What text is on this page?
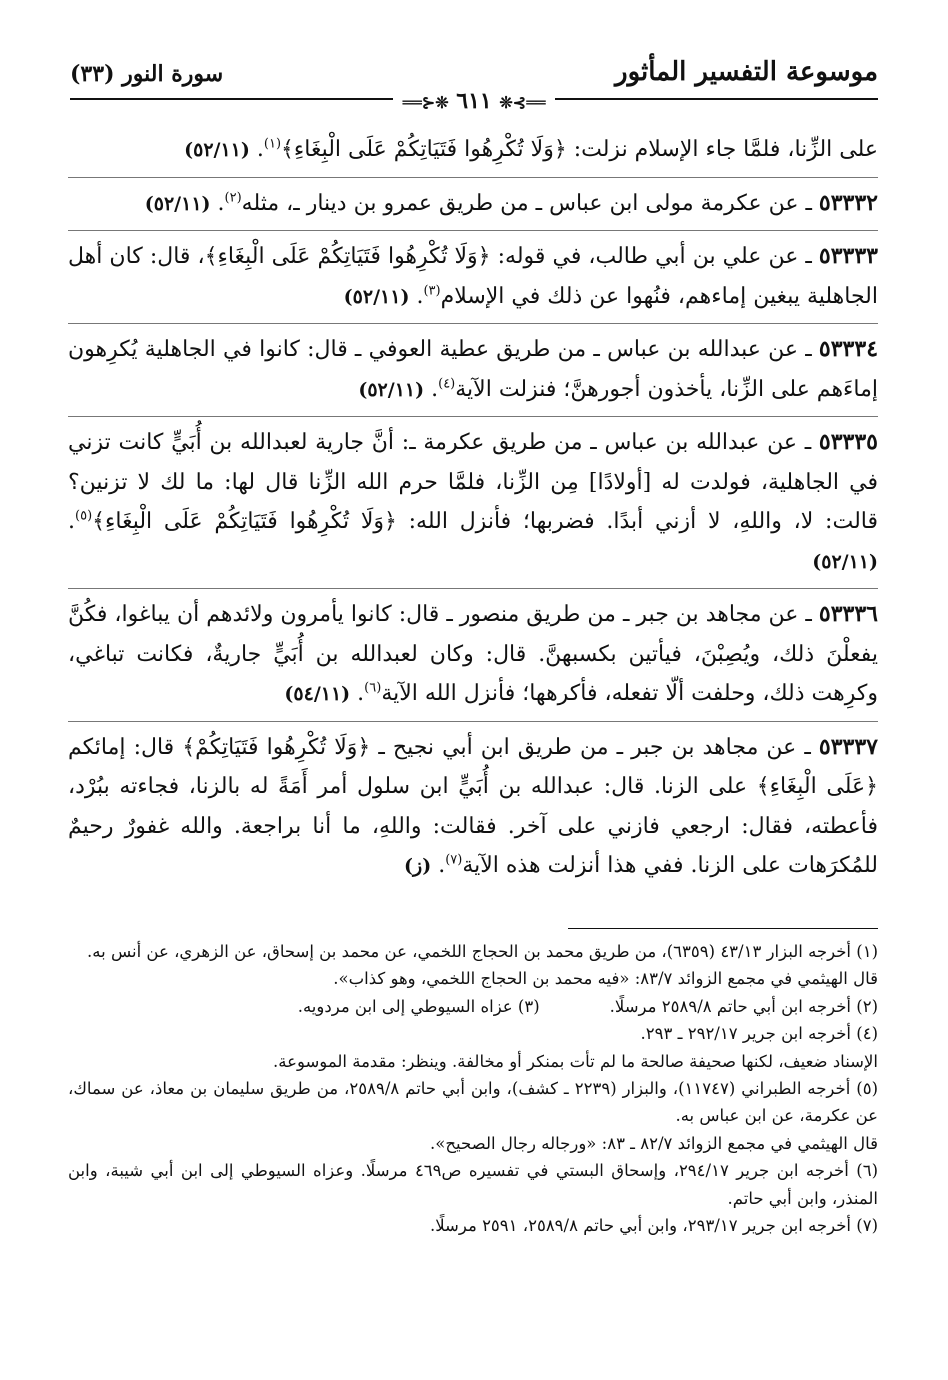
موسوعة التفسير المأثور
سورة النور (٣٣)
══⊱❊ ٦١١ ❊⊰══

على الزِّنا، فلمَّا جاء الإسلام نزلت: ﴿وَلَا تُكْرِهُوا فَتَيَاتِكُمْ عَلَى الْبِغَاءِ﴾$^{(١)}$. (٥٢/١١)

٥٣٣٣٢ ـ عن عكرمة مولى ابن عباس ـ من طريق عمرو بن دينار ـ، مثله$^{(٢)}$. (٥٢/١١)

٥٣٣٣٣ ـ عن علي بن أبي طالب، في قوله: ﴿وَلَا تُكْرِهُوا فَتَيَاتِكُمْ عَلَى الْبِغَاءِ﴾، قال: كان أهل الجاهلية يبغين إماءهم، فنُهوا عن ذلك في الإسلام$^{(٣)}$. (٥٢/١١)

٥٣٣٣٤ ـ عن عبدالله بن عباس ـ من طريق عطية العوفي ـ قال: كانوا في الجاهلية يُكرِهون إماءَهم على الزِّنا، يأخذون أجورهنَّ؛ فنزلت الآية$^{(٤)}$. (٥٢/١١)

٥٣٣٣٥ ـ عن عبدالله بن عباس ـ من طريق عكرمة ـ: أنَّ جارية لعبدالله بن أُبَيٍّ كانت تزني في الجاهلية، فولدت له [أولادًا] مِن الزِّنا، فلمَّا حرم الله الزِّنا قال لها: ما لك لا تزنين؟ قالت: لا، واللهِ، لا أزني أبدًا. فضربها؛ فأنزل الله: ﴿وَلَا تُكْرِهُوا فَتَيَاتِكُمْ عَلَى الْبِغَاءِ﴾$^{(٥)}$. (٥٢/١١)

٥٣٣٣٦ ـ عن مجاهد بن جبر ـ من طريق منصور ـ قال: كانوا يأمرون ولائدهم أن يباغوا، فكُنَّ يفعلْنَ ذلك، ويُصِبْنَ، فيأتين بكسبهنَّ. قال: وكان لعبدالله بن أُبَيٍّ جاريةٌ، فكانت تباغي، وكرِهت ذلك، وحلفت ألّا تفعله، فأكرهها؛ فأنزل الله الآية$^{(٦)}$. (٥٤/١١)

٥٣٣٣٧ ـ عن مجاهد بن جبر ـ من طريق ابن أبي نجيح ـ ﴿وَلَا تُكْرِهُوا فَتَيَاتِكُمْ﴾ قال: إمائكم ﴿عَلَى الْبِغَاءِ﴾ على الزنا. قال: عبدالله بن أُبَيٍّ ابن سلول أمر أَمَةً له بالزنا، فجاءته ببُرْد، فأعطته، فقال: ارجعي فازني على آخر. فقالت: واللهِ، ما أنا براجعة. والله غفورٌ رحيمٌ للمُكرَهات على الزنا. ففي هذا أنزلت هذه الآية$^{(٧)}$. (ز)

(١) أخرجه البزار ٤٣/١٣ (٦٣٥٩)، من طريق محمد بن الحجاج اللخمي، عن محمد بن إسحاق، عن الزهري، عن أنس به.

قال الهيثمي في مجمع الزوائد ٨٣/٧: «فيه محمد بن الحجاج اللخمي، وهو كذاب».

(٢) أخرجه ابن أبي حاتم ٢٥٨٩/٨ مرسلًا.
(٣) عزاه السيوطي إلى ابن مردويه.

(٤) أخرجه ابن جرير ٢٩٢/١٧ ـ ٢٩٣.

الإسناد ضعيف، لكنها صحيفة صالحة ما لم تأت بمنكر أو مخالفة. وينظر: مقدمة الموسوعة.

(٥) أخرجه الطبراني (١١٧٤٧)، والبزار (٢٢٣٩ ـ كشف)، وابن أبي حاتم ٢٥٨٩/٨، من طريق سليمان بن معاذ، عن سماك، عن عكرمة، عن ابن عباس به.

قال الهيثمي في مجمع الزوائد ٨٢/٧ ـ ٨٣: «ورجاله رجال الصحيح».

(٦) أخرجه ابن جرير ٢٩٤/١٧، وإسحاق البستي في تفسيره ص٤٦٩ مرسلًا. وعزاه السيوطي إلى ابن أبي شيبة، وابن المنذر، وابن أبي حاتم.

(٧) أخرجه ابن جرير ٢٩٣/١٧، وابن أبي حاتم ٢٥٨٩/٨، ٢٥٩١ مرسلًا.
